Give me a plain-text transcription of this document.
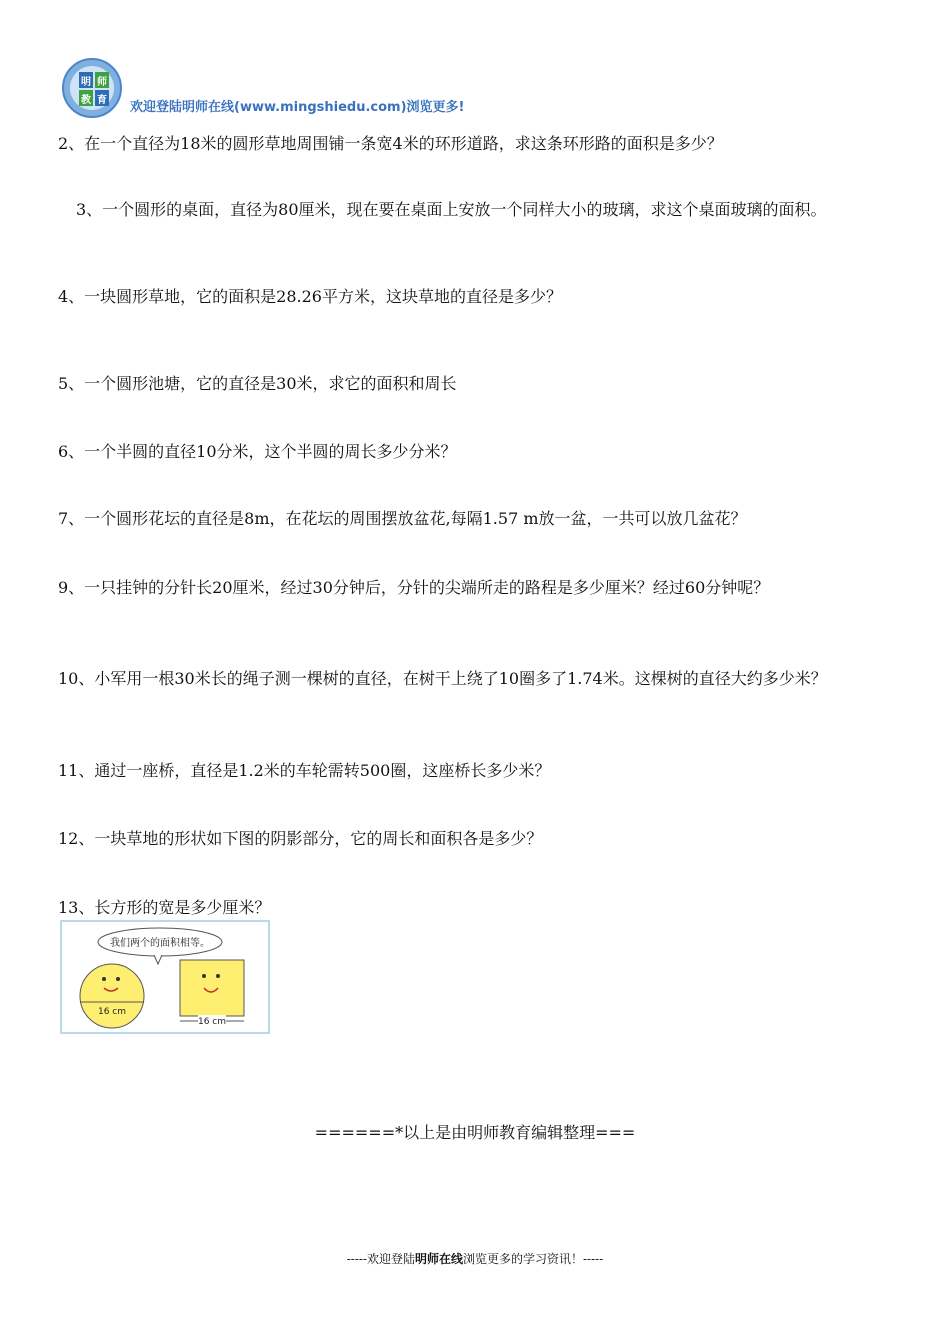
明 师
教 育 欢迎登陆明师在线(www.mingshiedu.com)浏览更多!

2、在一个直径为18米的圆形草地周围铺一条宽4米的环形道路，求这条环形路的面积是多少？

3、一个圆形的桌面，直径为80厘米，现在要在桌面上安放一个同样大小的玻璃，求这个桌面玻璃的面积。

4、一块圆形草地，它的面积是28.26平方米，这块草地的直径是多少？

5、一个圆形池塘，它的直径是30米，求它的面积和周长

6、一个半圆的直径10分米，这个半圆的周长多少分米？

7、一个圆形花坛的直径是8m，在花坛的周围摆放盆花,每隔1.57 m放一盆，一共可以放几盆花？

9、一只挂钟的分针长20厘米，经过30分钟后，分针的尖端所走的路程是多少厘米？经过60分钟呢？

10、小军用一根30米长的绳子测一棵树的直径，在树干上绕了10圈多了1.74米。这棵树的直径大约多少米？

11、通过一座桥，直径是1.2米的车轮需转500圈，这座桥长多少米？

12、一块草地的形状如下图的阴影部分，它的周长和面积各是多少？

13、长方形的宽是多少厘米？

我们两个的面积相等。
16 cm
16 cm
======*以上是由明师教育编辑整理===
-----欢迎登陆明师在线浏览更多的学习资讯！-----
